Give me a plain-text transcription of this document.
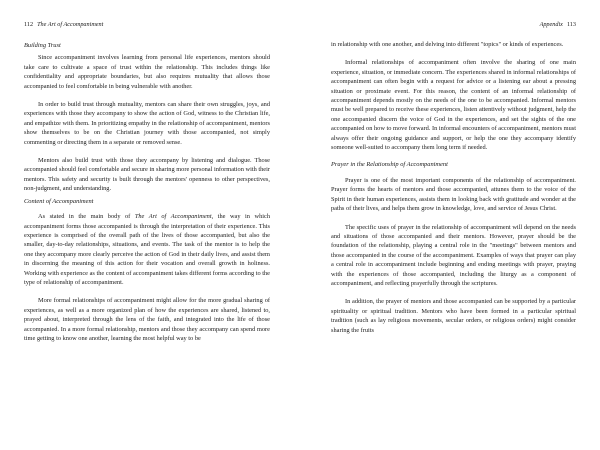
112 The Art of Accompaniment
Building Trust

Since accompaniment involves learning from personal life experiences, mentors should take care to cultivate a space of trust within the relationship. This includes things like confidentiality and appropriate boundaries, but also requires mutuality that allows those accompanied to feel comfortable in being vulnerable with another.

In order to build trust through mutuality, mentors can share their own struggles, joys, and experiences with those they accompany to show the action of God, witness to the Christian life, and empathize with them. In prioritizing empathy in the relationship of accompaniment, mentors show themselves to be on the Christian journey with those accompanied, not simply commenting or directing them in a separate or removed sense.

Mentors also build trust with those they accompany by listening and dialogue. Those accompanied should feel comfortable and secure in sharing more personal information with their mentors. This safety and security is built through the mentors' openness to other perspectives, non-judgment, and understanding.

Content of Accompaniment

As stated in the main body of The Art of Accompaniment, the way in which accompaniment forms those accompanied is through the interpretation of their experience. This experience is comprised of the overall path of the lives of those accompanied, but also the smaller, day-to-day relationships, situations, and events. The task of the mentor is to help the one they accompany more clearly perceive the action of God in their daily lives, and assist them in discerning the meaning of this action for their vocation and overall growth in holiness. Working with experience as the content of accompaniment takes different forms according to the type of relationship of accompaniment.

More formal relationships of accompaniment might allow for the more gradual sharing of experiences, as well as a more organized plan of how the experiences are shared, listened to, prayed about, interpreted through the lens of the faith, and integrated into the life of those accompanied. In a more formal relationship, mentors and those they accompany can spend more time getting to know one another, learning the most helpful way to be

Appendix 113

in relationship with one another, and delving into different "topics" or kinds of experiences.

Informal relationships of accompaniment often involve the sharing of one main experience, situation, or immediate concern. The experiences shared in informal relationships of accompaniment can often begin with a request for advice or a listening ear about a pressing situation or proximate event. For this reason, the content of an informal relationship of accompaniment depends mostly on the needs of the one to be accompanied. Informal mentors must be well prepared to receive these experiences, listen attentively without judgment, help the one accompanied discern the voice of God in the experiences, and set the sights of the one accompanied on how to move forward. In informal encounters of accompaniment, mentors must always offer their ongoing guidance and support, or help the one they accompany identify someone well-suited to accompany them long term if needed.

Prayer in the Relationship of Accompaniment

Prayer is one of the most important components of the relationship of accompaniment. Prayer forms the hearts of mentors and those accompanied, attunes them to the voice of the Spirit in their human experiences, assists them in looking back with gratitude and wonder at the paths of their lives, and helps them grow in knowledge, love, and service of Jesus Christ.

The specific uses of prayer in the relationship of accompaniment will depend on the needs and situations of those accompanied and their mentors. However, prayer should be the foundation of the relationship, playing a central role in the "meetings" between mentors and those accompanied in the course of the accompaniment. Examples of ways that prayer can play a central role in accompaniment include beginning and ending meetings with prayer, praying with the experiences of those accompanied, including the liturgy as a component of accompaniment, and reflecting prayerfully through the scriptures.

In addition, the prayer of mentors and those accompanied can be supported by a particular spirituality or spiritual tradition. Mentors who have been formed in a particular spiritual tradition (such as lay religious movements, secular orders, or religious orders) might consider sharing the fruits
